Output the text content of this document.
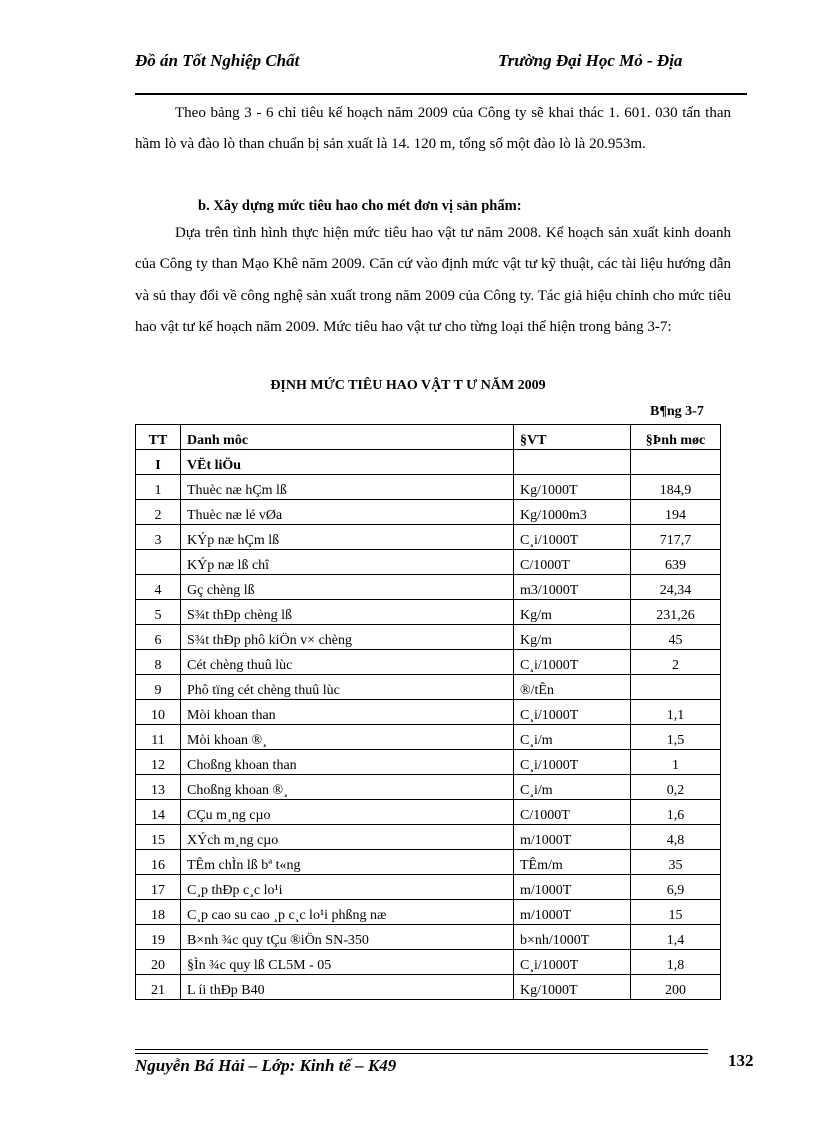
Đồ án Tốt Nghiệp Chất	Trường Đại Học Mỏ - Địa
Theo bảng 3 - 6 chỉ tiêu kế hoạch năm 2009 của Công ty sẽ khai thác 1. 601. 030 tấn than hầm lò và đào lò than chuẩn bị sản xuất là 14. 120 m, tổng số một đào lò là 20.953m.
b. Xây dựng mức tiêu hao cho mét đơn vị sản phẩm:
Dựa trên tình hình thực hiện mức tiêu hao vật tư năm 2008. Kế hoạch sản xuất kinh doanh của Công ty than Mạo Khê năm 2009. Căn cứ vào định mức vật tư kỹ thuật, các tài liệu hướng dẫn và sủ thay đổi về công nghệ sản xuất trong năm 2009 của Công ty. Tác giả hiệu chỉnh cho mức tiêu hao vật tư kế hoạch năm 2009. Mức tiêu hao vật tư cho từng loại thể hiện trong bảng 3-7:
ĐỊNH MỨC TIÊU HAO VẬT T Ư NĂM 2009
B¶ng 3-7
TT	Danh môc	§VT	§Þnh møc
I	VËt liÖu		
1	Thuèc næ hÇm lß	Kg/1000T	184,9
2	Thuèc næ lé vØa	Kg/1000m3	194
3	KÝp næ hÇm lß	C¸i/1000T	717,7
	KÝp næ lß chî	C/1000T	639
4	Gç chèng lß	m3/1000T	24,34
5	S¾t thÐp chèng lß	Kg/m	231,26
6	S¾t thÐp phô kiÖn v× chèng	Kg/m	45
8	Cét chèng thuû lùc	C¸i/1000T	2
9	Phô tïng cét chèng thuû lùc	®/tÊn	
10	Mòi khoan than	C¸i/1000T	1,1
11	Mòi khoan ®¸	C¸i/m	1,5
12	Choßng khoan than	C¸i/1000T	1
13	Choßng khoan ®¸	C¸i/m	0,2
14	CÇu m¸ng cµo	C/1000T	1,6
15	XÝch m¸ng cµo	m/1000T	4,8
16	TÊm chÌn lß bª t«ng	TÊm/m	35
17	C¸p thÐp c¸c lo¹i	m/1000T	6,9
18	C¸p cao su cao ¸p c¸c lo¹i phßng næ	m/1000T	15
19	B×nh ¾c quy tÇu ®iÖn SN-350	b×nh/1000T	1,4
20	§Ìn ¾c quy lß CL5M - 05	C¸i/1000T	1,8
21	L íi thÐp B40	Kg/1000T	200
Nguyễn Bá Hải – Lớp: Kinh tế – K49	132
